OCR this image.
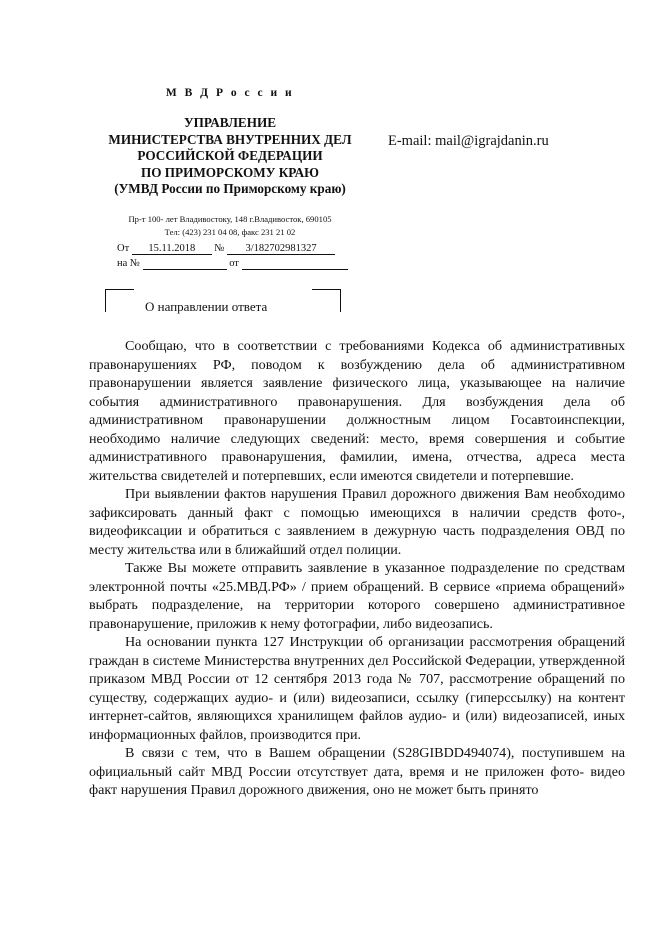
М В Д Р о с с и и
УПРАВЛЕНИЕ
МИНИСТЕРСТВА ВНУТРЕННИХ ДЕЛ
РОССИЙСКОЙ ФЕДЕРАЦИИ
ПО ПРИМОРСКОМУ КРАЮ
(УМВД России по Приморскому краю)
E-mail: mail@igrajdanin.ru
Пр-т 100- лет Владивостоку, 148 г.Владивосток, 690105
Тел: (423) 231 04 08, факс 231 21 02
От 15.11.2018 № 3/182702981327
на №	от
О направлении ответа

Сообщаю, что в соответствии с требованиями Кодекса об административных правонарушениях РФ, поводом к возбуждению дела об административном правонарушении является заявление физического лица, указывающее на наличие события административного правонарушения. Для возбуждения дела об административном правонарушении должностным лицом Госавтоинспекции, необходимо наличие следующих сведений: место, время совершения и событие административного правонарушения, фамилии, имена, отчества, адреса места жительства свидетелей и потерпевших, если имеются свидетели и потерпевшие.

При выявлении фактов нарушения Правил дорожного движения Вам необходимо зафиксировать данный факт с помощью имеющихся в наличии средств фото-, видеофиксации и обратиться с заявлением в дежурную часть подразделения ОВД по месту жительства или в ближайший отдел полиции.

Также Вы можете отправить заявление в указанное подразделение по средствам электронной почты «25.МВД.РФ» / прием обращений. В сервисе «приема обращений» выбрать подразделение, на территории которого совершено административное правонарушение, приложив к нему фотографии, либо видеозапись.

На основании пункта 127 Инструкции об организации рассмотрения обращений граждан в системе Министерства внутренних дел Российской Федерации, утвержденной приказом МВД России от 12 сентября 2013 года № 707, рассмотрение обращений по существу, содержащих аудио- и (или) видеозаписи, ссылку (гиперссылку) на контент интернет-сайтов, являющихся хранилищем файлов аудио- и (или) видеозаписей, иных информационных файлов, производится при.

В связи с тем, что в Вашем обращении (S28GIBDD494074), поступившем на официальный сайт МВД России отсутствует дата, время и не приложен фото- видео факт нарушения Правил дорожного движения, оно не может быть принято
